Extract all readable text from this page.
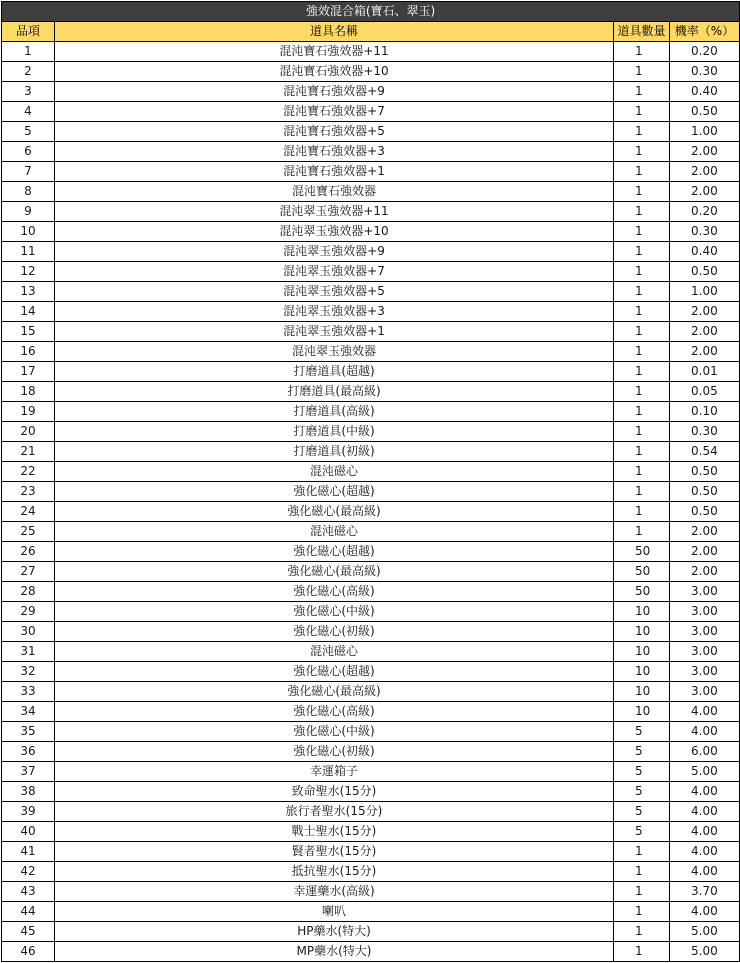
強效混合箱(寶石、翠玉)			
品項	道具名稱	道具數量	機率（%）
1	混沌寶石強效器+11	1	0.20
2	混沌寶石強效器+10	1	0.30
3	混沌寶石強效器+9	1	0.40
4	混沌寶石強效器+7	1	0.50
5	混沌寶石強效器+5	1	1.00
6	混沌寶石強效器+3	1	2.00
7	混沌寶石強效器+1	1	2.00
8	混沌寶石強效器	1	2.00
9	混沌翠玉強效器+11	1	0.20
10	混沌翠玉強效器+10	1	0.30
11	混沌翠玉強效器+9	1	0.40
12	混沌翠玉強效器+7	1	0.50
13	混沌翠玉強效器+5	1	1.00
14	混沌翠玉強效器+3	1	2.00
15	混沌翠玉強效器+1	1	2.00
16	混沌翠玉強效器	1	2.00
17	打磨道具(超越)	1	0.01
18	打磨道具(最高級)	1	0.05
19	打磨道具(高級)	1	0.10
20	打磨道具(中級)	1	0.30
21	打磨道具(初級)	1	0.54
22	混沌磁心	1	0.50
23	強化磁心(超越)	1	0.50
24	強化磁心(最高級)	1	0.50
25	混沌磁心	1	2.00
26	強化磁心(超越)	50	2.00
27	強化磁心(最高級)	50	2.00
28	強化磁心(高級)	50	3.00
29	強化磁心(中級)	10	3.00
30	強化磁心(初級)	10	3.00
31	混沌磁心	10	3.00
32	強化磁心(超越)	10	3.00
33	強化磁心(最高級)	10	3.00
34	強化磁心(高級)	10	4.00
35	強化磁心(中級)	5	4.00
36	強化磁心(初級)	5	6.00
37	幸運箱子	5	5.00
38	致命聖水(15分)	5	4.00
39	旅行者聖水(15分)	5	4.00
40	戰士聖水(15分)	5	4.00
41	賢者聖水(15分)	1	4.00
42	抵抗聖水(15分)	1	4.00
43	幸運藥水(高級)	1	3.70
44	喇叭	1	4.00
45	HP藥水(特大)	1	5.00
46	MP藥水(特大)	1	5.00
